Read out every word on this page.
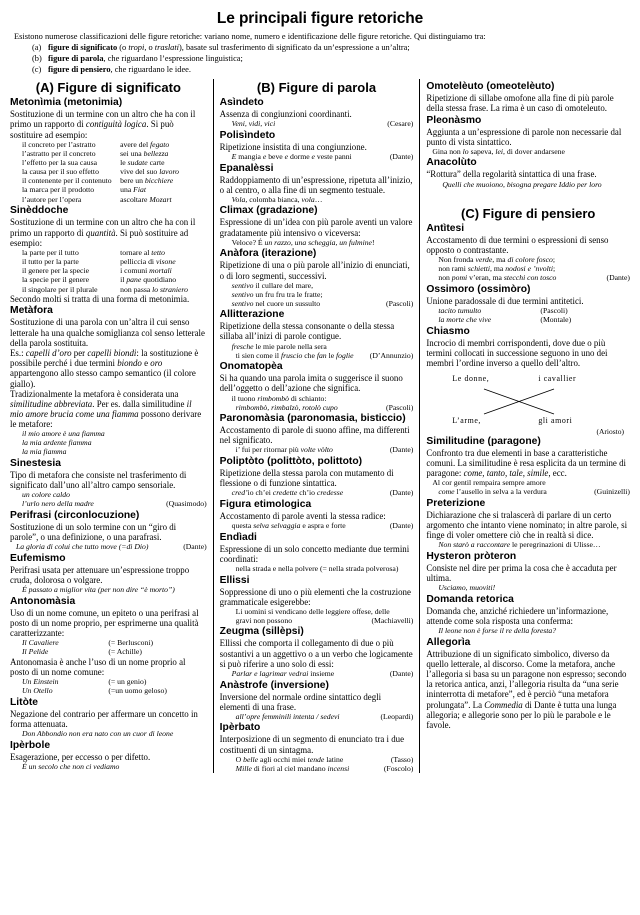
Le principali figure retoriche
Esistono numerose classificazioni delle figure retoriche: variano nome, numero e identificazione delle figure retoriche. Qui distinguiamo tra:
(a) figure di significato (o tropi, o traslati), basate sul trasferimento di significato da un’espressione a un’altra;
(b) figure di parola, che riguardano l’espressione linguistica;
(c) figure di pensiero, che riguardano le idee.
(A) Figure di significato
Metonìmia (metonimia)

Sostituzione di un termine con un altro che ha con il primo un rapporto di contiguità logica. Si può sostituire ad esempio:

il concreto per l’astratto	avere del fegato
l’astratto per il concreto	sei una bellezza
l’effetto per la sua causa	le sudate carte
la causa per il suo effetto	vive del suo lavoro
il contenente per il contenuto	bere un bicchiere
la marca per il prodotto	una Fiat
l’autore per l’opera	ascoltare Mozart
Sinèddoche

Sostituzione di un termine con un altro che ha con il primo un rapporto di quantità. Si può sostituire ad esempio:

la parte per il tutto	tornare al tetto
il tutto per la parte	pelliccia di visone
il genere per la specie	i comuni mortali
la specie per il genere	il pane quotidiano
il singolare per il plurale	non passa lo straniero

Secondo molti si tratta di una forma di metonimia.

Metàfora

Sostituzione di una parola con un’altra il cui senso letterale ha una qualche somiglianza col senso letterale della parola sostituita.

Es.: capelli d’oro per capelli biondi: la sostituzione è possibile perché i due termini biondo e oro appartengono allo stesso campo semantico (il colore giallo).

Tradizionalmente la metafora è considerata una similitudine abbreviata. Per es. dalla similitudine il mio amore brucia come una fiamma possono derivare le metafore:

il mio amore è una fiamma

la mia ardente fiamma

la mia fiamma

Sinestesia

Tipo di metafora che consiste nel trasferimento di significato dall’uno all’altro campo sensoriale.

un colore caldo

(Quasimodo)
l’urlo nero della madre

Perifrasi (circonlocuzione)

Sostituzione di un solo termine con un “giro di parole”, o una definizione, o una parafrasi.

(Dante)
La gloria di colui che tutto move (=di Dio)

Eufemismo

Perifrasi usata per attenuare un’espressione troppo cruda, dolorosa o volgare.

É passato a miglior vita (per non dire “è morto”)

Antonomàsia

Uso di un nome comune, un epiteto o una perifrasi al posto di un nome proprio, per esprimerne una qualità caratterizzante:

Il Cavaliere	(= Berlusconi)
Il Pelide	(= Achille)

Antonomasia è anche l’uso di un nome proprio al posto di un nome comune:

Un Einstein	(= un genio)
Un Otello	(=un uomo geloso)
Litòte

Negazione del contrario per affermare un concetto in forma attenuata.

Don Abbondio non era nato con un cuor di leone

Ipèrbole

Esagerazione, per eccesso o per difetto.

É un secolo che non ci vediamo

(B) Figure di parola
Asìndeto

Assenza di congiunzioni coordinanti.

(Cesare)
Veni, vidi, vici

Polisìndeto

Ripetizione insistita di una congiunzione.

(Dante)
E mangia e beve e dorme e veste panni

Epanalèssi

Raddoppiamento di un’espressione, ripetuta all’inizio, o al centro, o alla fine di un segmento testuale.

Vola, colomba bianca, vola…

Climax (gradazione)

Espressione di un’idea con più parole aventi un valore gradatamente più intensivo o viceversa:

Veloce? É un razzo, una scheggia, un fulmine!

Anàfora (iterazione)

Ripetizione di una o più parole all’inizio di enunciati, o di loro segmenti, successivi.

sentivo il cullare del mare,

sentivo un fru fru tra le fratte;

(Pascoli)
sentivo nel cuore un sussulto

Allitterazione

Ripetizione della stessa consonante o della stessa sillaba all’inizi di parole contigue.

fresche le mie parole nella sera

(D’Annunzio)
ti sien come il fruscio che fan le foglie

Onomatopèa

Si ha quando una parola imita o suggerisce il suono dell’oggetto o dell’azione che significa.

il tuono rimbombò di schianto:

(Pascoli)
rimbombò, rimbalzò, rotolò cupo

Paronomàsia (paronomasia, bisticcio)

Accostamento di parole di suono affine, ma differenti nel significato.

(Dante)
i’ fui per ritornar più volte vòlto

Poliptòto (polittòto, polittoto)

Ripetizione della stessa parola con mutamento di flessione o di funzione sintattica.

(Dante)
cred’io ch’ei credette ch’io credesse

Figura etimologica

Accostamento di parole aventi la stessa radice:

(Dante)
questa selva selvaggia e aspra e forte

Endìadi

Espressione di un solo concetto mediante due termini coordinati:

nella strada e nella polvere (= nella strada polverosa)

Ellissi

Soppressione di uno o più elementi che la costruzione grammaticale esigerebbe:

Li uomini si vendicano delle leggiere offese, delle

(Machiavelli)
gravi non possono

Zeugma (sillèpsi)

Ellissi che comporta il collegamento di due o più sostantivi a un aggettivo o a un verbo che logicamente si può riferire a uno solo di essi:

(Dante)
Parlar e lagrimar vedrai insieme

Anàstrofe (inversione)

Inversione del normale ordine sintattico degli elementi di una frase.

(Leopardi)
all’opre femminili intenta / sedevi

Ipèrbato

Interposizione di un segmento di enunciato tra i due costituenti di un sintagma.

(Tasso)
O belle agli occhi miei tende latine

(Foscolo)
Mille di fiori al ciel mandano incensi

Omotelèuto (omeotelèuto)

Ripetizione di sillabe omofone alla fine di più parole della stessa frase. La rima è un caso di omoteleuto.

Pleonàsmo

Aggiunta a un’espressione di parole non necessarie dal punto di vista sintattico.

Gina non lo sapeva, lei, di dover andarsene

Anacolùto

“Rottura” della regolarità sintattica di una frase.

Quelli che muoiono, bisogna pregare Iddio per loro

(C) Figure di pensiero
Antìtesi

Accostamento di due termini o espressioni di senso opposto o contrastante.

Non fronda verde, ma di colore fosco;

non rami schietti, ma nodosi e ’nvolti;

(Dante)
non pomi v’eran, ma stecchi con tosco

Ossimoro (ossimòro)

Unione paradossale di due termini antitetici.

tacito tumulto	(Pascoli)
la morte che vive	(Montale)
Chiasmo

Incrocio di membri corrispondenti, dove due o più termini collocati in successione seguono in uno dei membri l’ordine inverso a quello dell’altro.

Le donne,	i cavallier
L’arme,	gli amori
(Ariosto)
Similitudine (paragone)

Confronto tra due elementi in base a caratteristiche comuni. La similitudine è resa esplicita da un termine di paragone: come, tanto, tale, simile, ecc.

Al cor gentil rempaira sempre amore

(Guinizelli)
come l’ausello in selva a la verdura

Preterizione

Dichiarazione che si tralascerà di parlare di un certo argomento che intanto viene nominato; in altre parole, si finge di voler omettere ciò che in realtà si dice.

Non starò a raccontare le peregrinazioni di Ulisse…

Hysteron pròteron

Consiste nel dire per prima la cosa che è accaduta per ultima.

Usciamo, muoviti!

Domanda retorica

Domanda che, anziché richiedere un’informazione, attende come sola risposta una conferma:

Il leone non è forse il re della foresta?

Allegorìa

Attribuzione di un significato simbolico, diverso da quello letterale, al discorso. Come la metafora, anche l’allegoria si basa su un paragone non espresso; secondo la retorica antica, anzi, l’allegoria risulta da “una serie ininterrotta di metafore”, ed è perciò “una metafora prolungata”. La Commedia di Dante è tutta una lunga allegoria; e allegorie sono per lo più le parabole e le favole.
